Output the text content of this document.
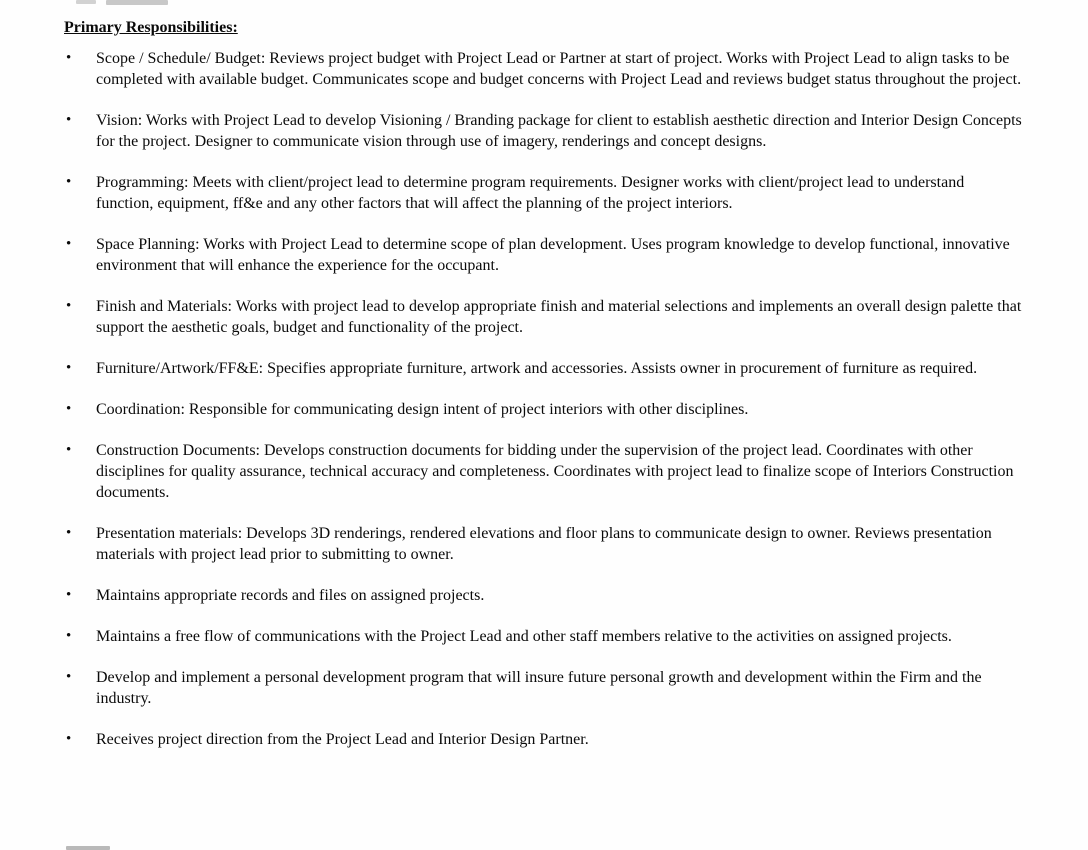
Primary Responsibilities:
•	Scope / Schedule/ Budget: Reviews project budget with Project Lead or Partner at start of project. Works with Project Lead to align tasks to be completed with available budget. Communicates scope and budget concerns with Project Lead and reviews budget status throughout the project.
•	Vision: Works with Project Lead to develop Visioning / Branding package for client to establish aesthetic direction and Interior Design Concepts for the project. Designer to communicate vision through use of imagery, renderings and concept designs.
•	Programming: Meets with client/project lead to determine program requirements. Designer works with client/project lead to understand function, equipment, ff&e and any other factors that will affect the planning of the project interiors.
•	Space Planning: Works with Project Lead to determine scope of plan development. Uses program knowledge to develop functional, innovative environment that will enhance the experience for the occupant.
•	Finish and Materials: Works with project lead to develop appropriate finish and material selections and implements an overall design palette that support the aesthetic goals, budget and functionality of the project.
•	Furniture/Artwork/FF&E: Specifies appropriate furniture, artwork and accessories. Assists owner in procurement of furniture as required.
•	Coordination: Responsible for communicating design intent of project interiors with other disciplines.
•	Construction Documents: Develops construction documents for bidding under the supervision of the project lead. Coordinates with other disciplines for quality assurance, technical accuracy and completeness. Coordinates with project lead to finalize scope of Interiors Construction documents.
•	Presentation materials: Develops 3D renderings, rendered elevations and floor plans to communicate design to owner. Reviews presentation materials with project lead prior to submitting to owner.
•	Maintains appropriate records and files on assigned projects.
•	Maintains a free flow of communications with the Project Lead and other staff members relative to the activities on assigned projects.
•	Develop and implement a personal development program that will insure future personal growth and development within the Firm and the industry.
•	Receives project direction from the Project Lead and Interior Design Partner.
